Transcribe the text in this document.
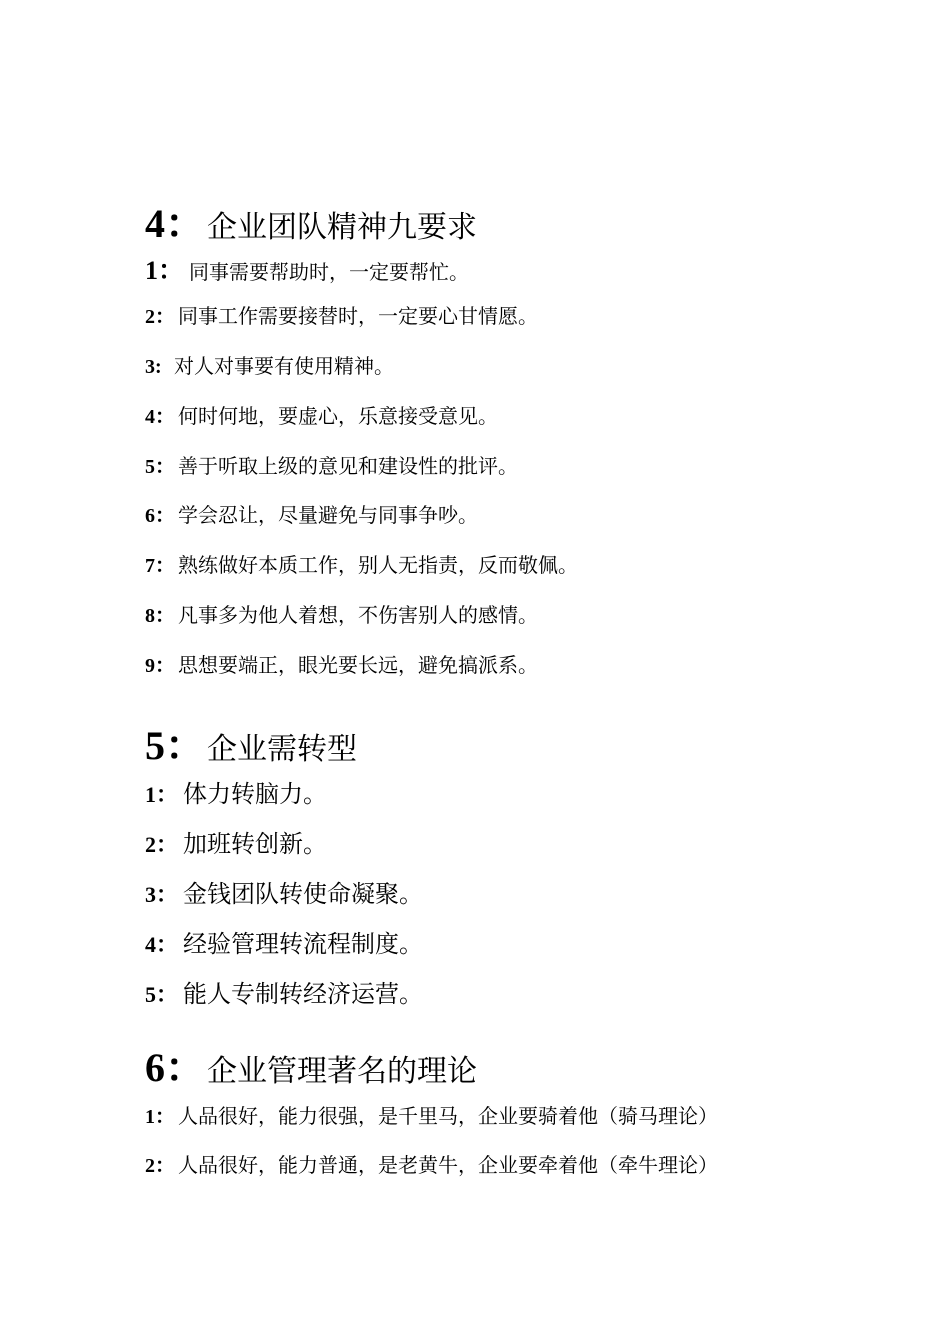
4： 企业团队精神九要求
1： 同事需要帮助时，一定要帮忙。
2： 同事工作需要接替时，一定要心甘情愿。
3: 对人对事要有使用精神。
4： 何时何地，要虚心，乐意接受意见。
5： 善于听取上级的意见和建设性的批评。
6： 学会忍让，尽量避免与同事争吵。
7： 熟练做好本质工作，别人无指责，反而敬佩。
8： 凡事多为他人着想，不伤害别人的感情。
9： 思想要端正，眼光要长远，避免搞派系。
5： 企业需转型
1： 体力转脑力。
2： 加班转创新。
3： 金钱团队转使命凝聚。
4： 经验管理转流程制度。
5： 能人专制转经济运营。
6： 企业管理著名的理论
1： 人品很好，能力很强，是千里马，企业要骑着他（骑马理论）
2： 人品很好，能力普通，是老黄牛，企业要牵着他（牵牛理论）
